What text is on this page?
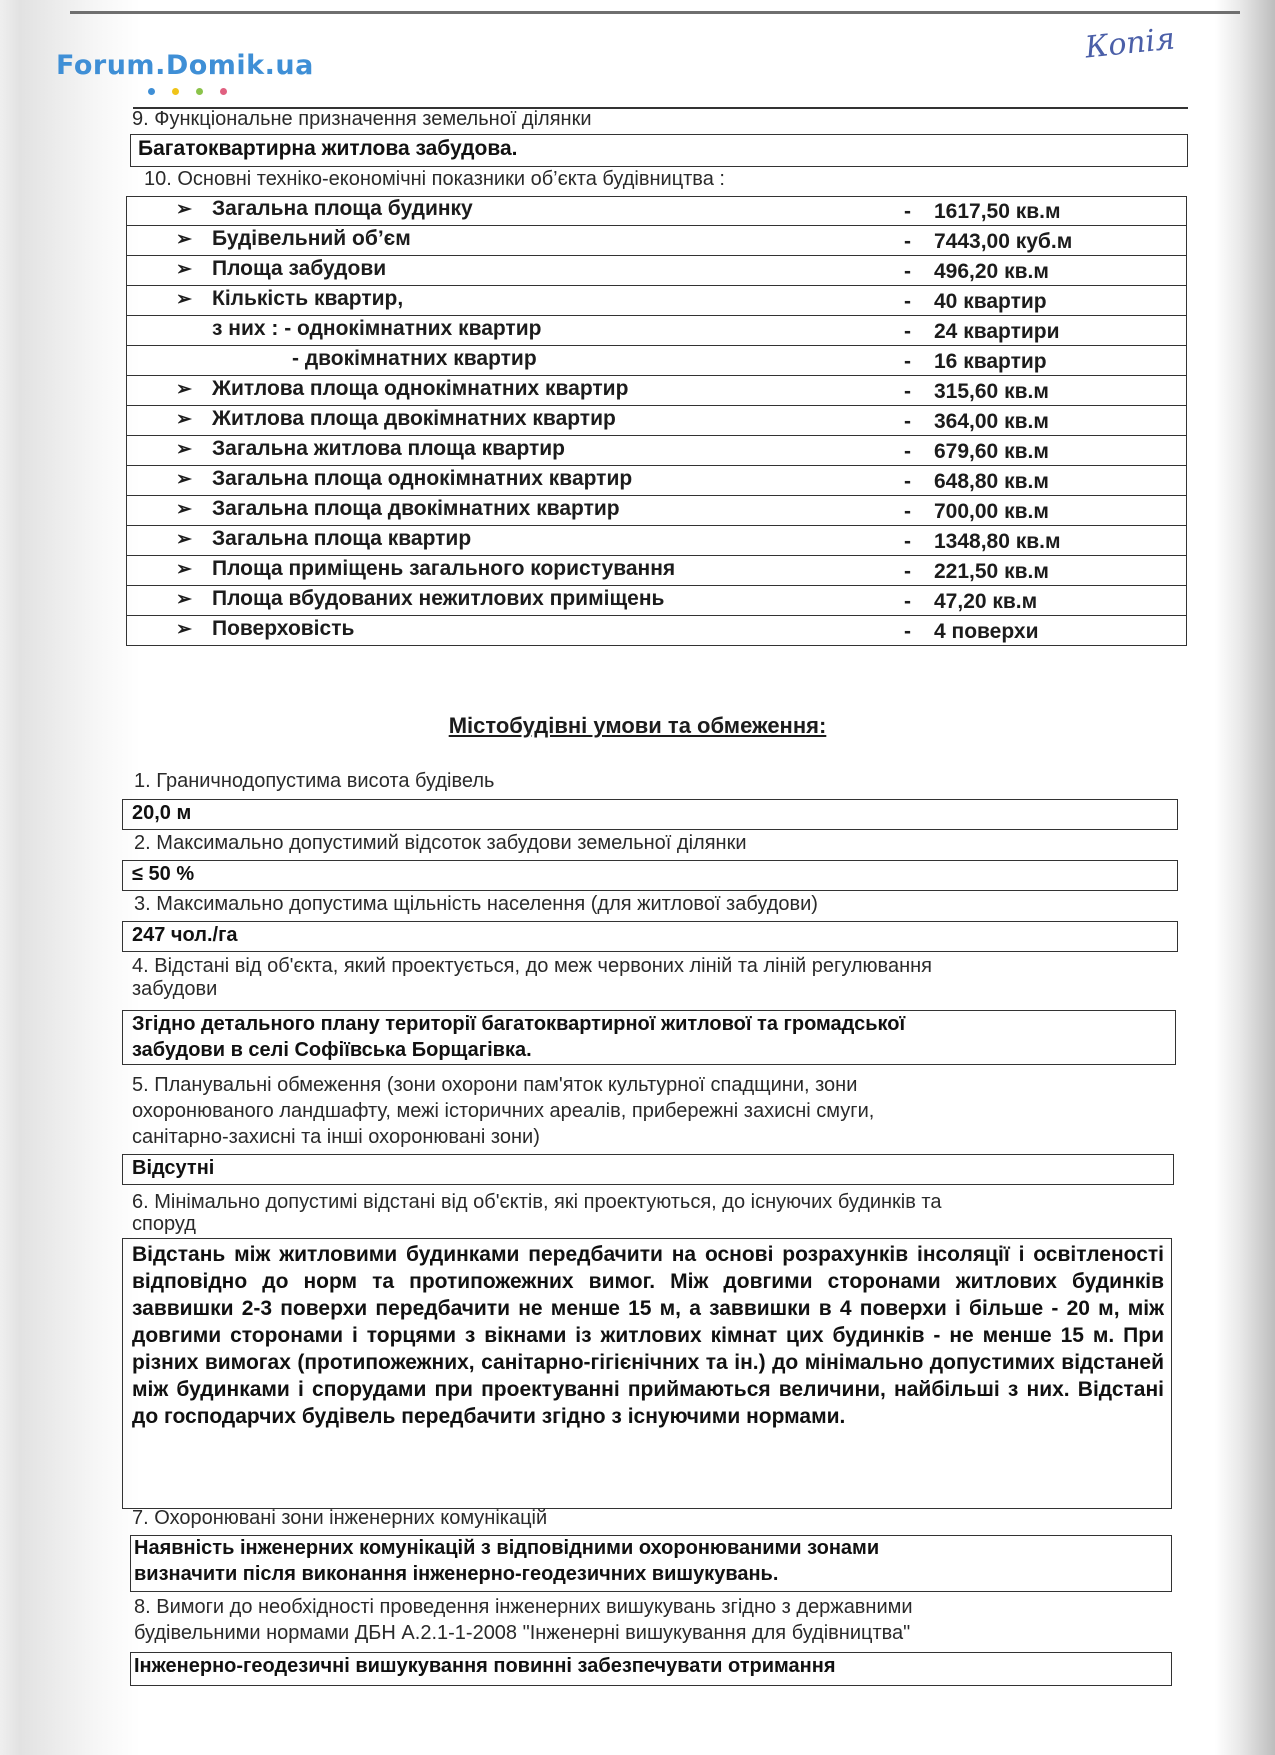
Forum.Domik.ua	Копія
9. Функціональне призначення земельної ділянки
Багатоквартирна житлова забудова.
10. Основні техніко-економічні показники об’єкта будівництва :
➢ Загальна площа будинку	- 1617,50 кв.м
➢ Будівельний об’єм	- 7443,00 куб.м
➢ Площа забудови	- 496,20 кв.м
➢ Кількість квартир,	- 40 квартир
з них : - однокімнатних квартир	- 24 квартири
- двокімнатних квартир	- 16 квартир
➢ Житлова площа однокімнатних квартир	- 315,60 кв.м
➢ Житлова площа двокімнатних квартир	- 364,00 кв.м
➢ Загальна житлова площа квартир	- 679,60 кв.м
➢ Загальна площа однокімнатних квартир	- 648,80 кв.м
➢ Загальна площа двокімнатних квартир	- 700,00 кв.м
➢ Загальна площа квартир	- 1348,80 кв.м
➢ Площа приміщень загального користування	- 221,50 кв.м
➢ Площа вбудованих нежитлових приміщень	- 47,20 кв.м
➢ Поверховість	- 4 поверхи
Містобудівні умови та обмеження:
1. Граничнодопустима висота будівель
20,0 м
2. Максимально допустимий відсоток забудови земельної ділянки
≤ 50 %
3. Максимально допустима щільність населення (для житлової забудови)
247 чол./га
4. Відстані від об'єкта, який проектується, до меж червоних ліній та ліній регулювання
забудови
Згідно детального плану території багатоквартирної житлової та громадської
забудови в селі Софіївська Борщагівка.
5. Планувальні обмеження (зони охорони пам'яток культурної спадщини, зони
охоронюваного ландшафту, межі історичних ареалів, прибережні захисні смуги,
санітарно-захисні та інші охоронювані зони)
Відсутні
6. Мінімально допустимі відстані від об'єктів, які проектуються, до існуючих будинків та
споруд
Відстань між житловими будинками передбачити на основі розрахунків інсоляції і освітленості відповідно до норм та протипожежних вимог. Між довгими сторонами житлових будинків заввишки 2-3 поверхи передбачити не менше 15 м, а заввишки в 4 поверхи і більше - 20 м, між довгими сторонами і торцями з вікнами із житлових кімнат цих будинків - не менше 15 м. При різних вимогах (протипожежних, санітарно-гігієнічних та ін.) до мінімально допустимих відстаней між будинками і спорудами при проектуванні приймаються величини, найбільші з них. Відстані до господарчих будівель передбачити згідно з існуючими нормами.
7. Охоронювані зони інженерних комунікацій
Наявність інженерних комунікацій з відповідними охоронюваними зонами
визначити після виконання інженерно-геодезичних вишукувань.
8. Вимоги до необхідності проведення інженерних вишукувань згідно з державними
будівельними нормами ДБН А.2.1-1-2008 "Інженерні вишукування для будівництва"
Інженерно-геодезичні вишукування повинні забезпечувати отримання
